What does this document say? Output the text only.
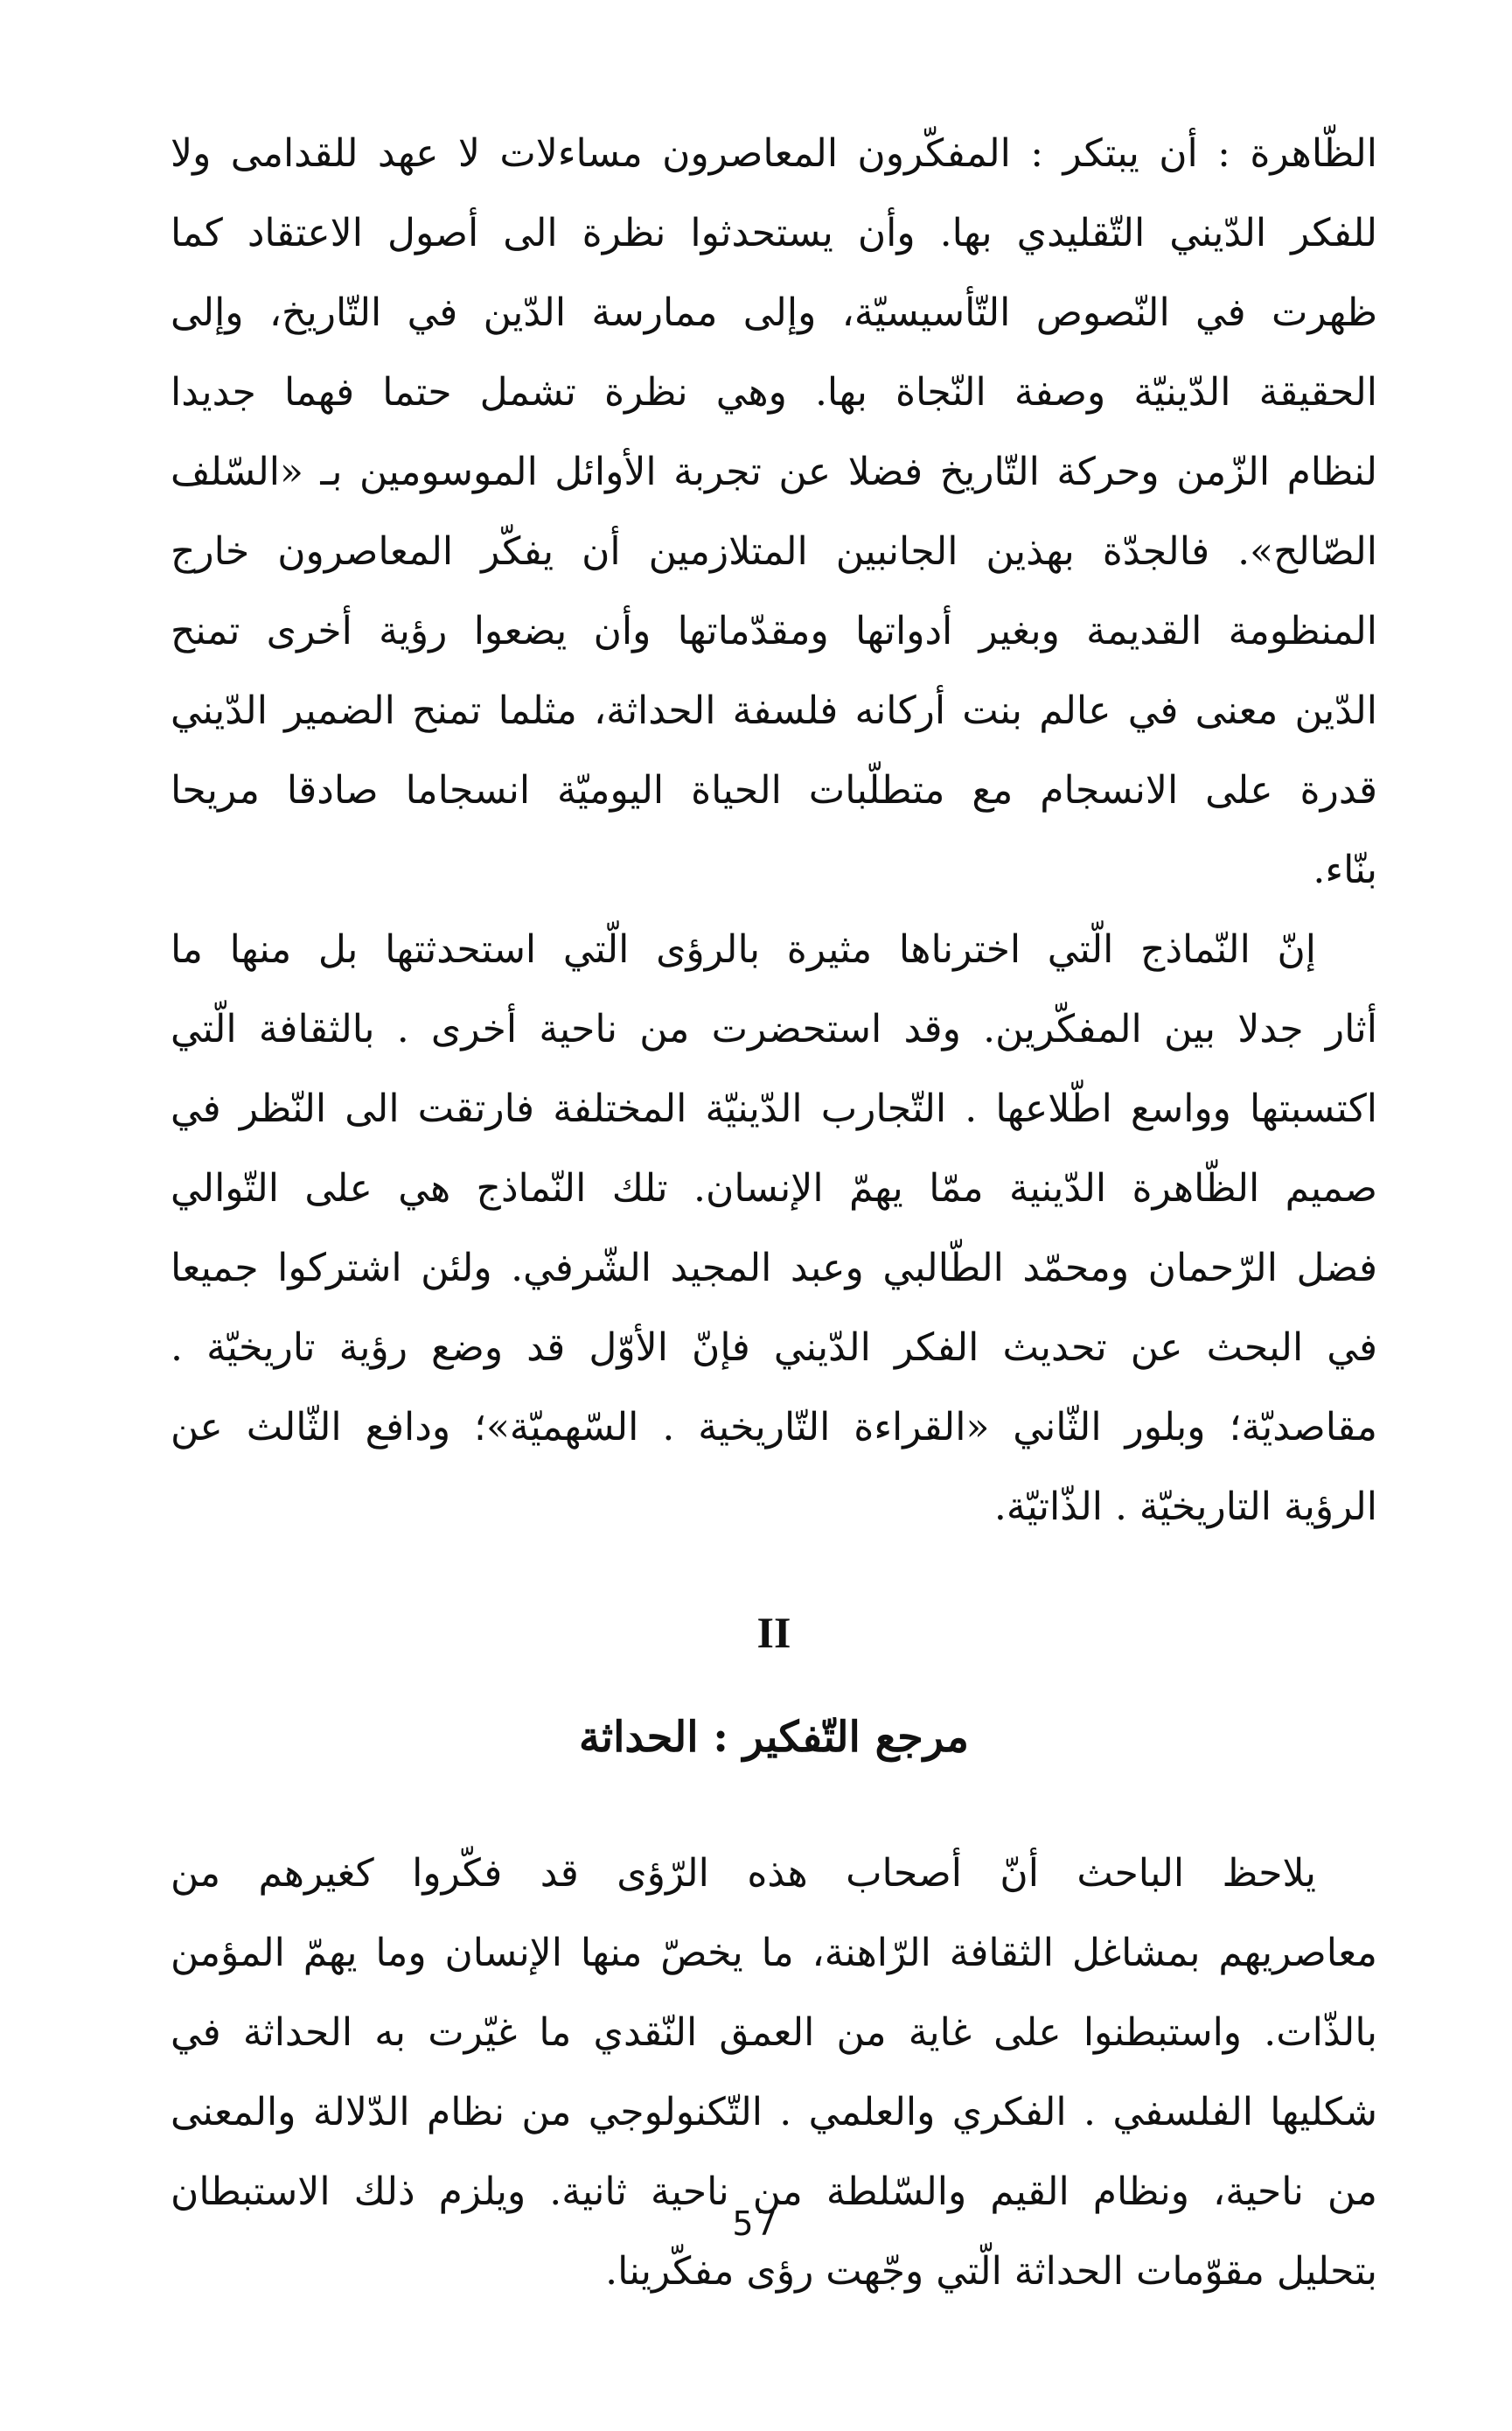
الظّاهرة : أن يبتكر : المفكّرون المعاصرون مساءلات لا عهد للقدامى ولا
للفكر الدّيني التّقليدي بها. وأن يستحدثوا نظرة الى أصول الاعتقاد كما
ظهرت في النّصوص التّأسيسيّة، وإلى ممارسة الدّين في التّاريخ، وإلى
الحقيقة الدّينيّة وصفة النّجاة بها. وهي نظرة تشمل حتما فهما جديدا
لنظام الزّمن وحركة التّاريخ فضلا عن تجربة الأوائل الموسومين بـ «السّلف
الصّالح». فالجدّة بهذين الجانبين المتلازمين أن يفكّر المعاصرون خارج
المنظومة القديمة وبغير أدواتها ومقدّماتها وأن يضعوا رؤية أخرى تمنح
الدّين معنى في عالم بنت أركانه فلسفة الحداثة، مثلما تمنح الضمير الدّيني
قدرة على الانسجام مع متطلّبات الحياة اليوميّة انسجاما صادقا مريحا
بنّاء.
إنّ النّماذج الّتي اخترناها مثيرة بالرؤى الّتي استحدثتها بل منها ما
أثار جدلا بين المفكّرين. وقد استحضرت من ناحية أخرى . بالثقافة الّتي
اكتسبتها وواسع اطّلاعها . التّجارب الدّينيّة المختلفة فارتقت الى النّظر في
صميم الظّاهرة الدّينية ممّا يهمّ الإنسان. تلك النّماذج هي على التّوالي
فضل الرّحمان ومحمّد الطّالبي وعبد المجيد الشّرفي. ولئن اشتركوا جميعا
في البحث عن تحديث الفكر الدّيني فإنّ الأوّل قد وضع رؤية تاريخيّة .
مقاصديّة؛ وبلور الثّاني «القراءة التّاريخية . السّهميّة»؛ ودافع الثّالث عن
الرؤية التاريخيّة . الذّاتيّة.
II
مرجع التّفكير : الحداثة
يلاحظ الباحث أنّ أصحاب هذه الرّؤى قد فكّروا كغيرهم من
معاصريهم بمشاغل الثقافة الرّاهنة، ما يخصّ منها الإنسان وما يهمّ المؤمن
بالذّات. واستبطنوا على غاية من العمق النّقدي ما غيّرت به الحداثة في
شكليها الفلسفي . الفكري والعلمي . التّكنولوجي من نظام الدّلالة والمعنى
من ناحية، ونظام القيم والسّلطة من ناحية ثانية. ويلزم ذلك الاستبطان
بتحليل مقوّمات الحداثة الّتي وجّهت رؤى مفكّرينا.
57
